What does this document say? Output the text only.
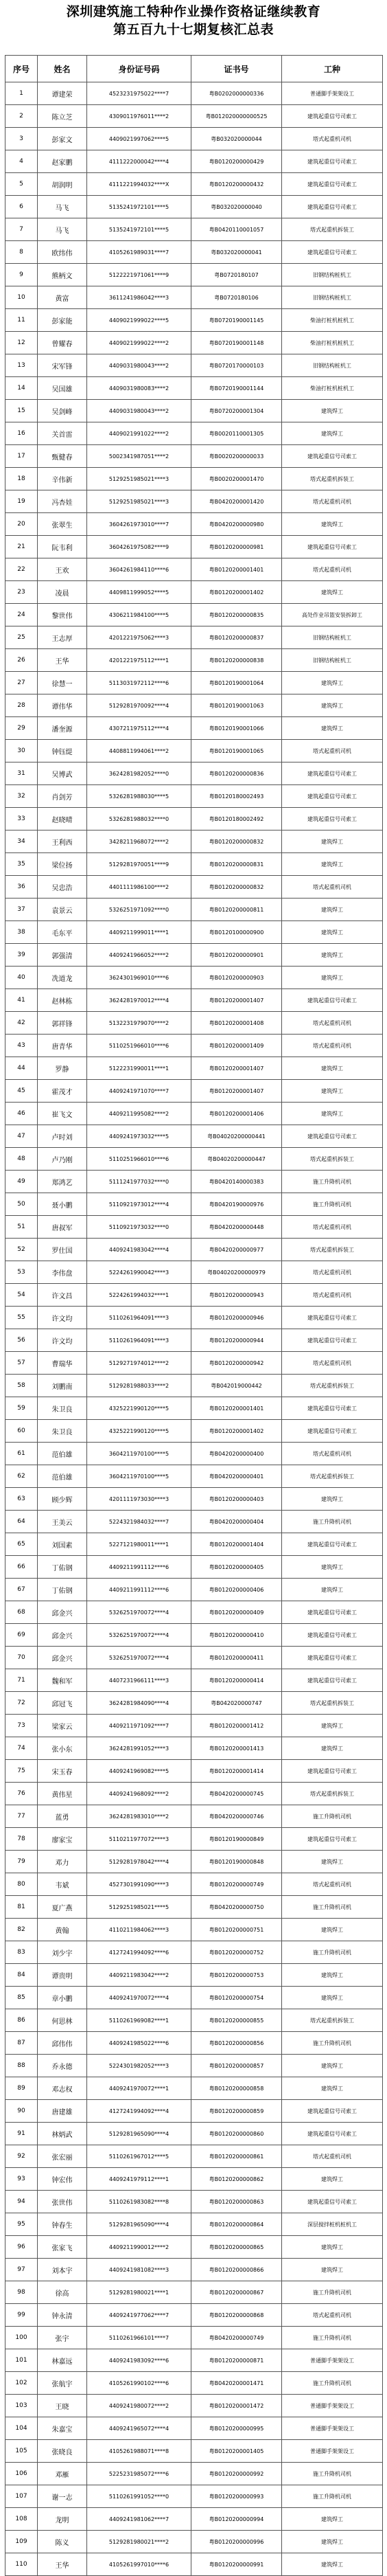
深圳建筑施工特种作业操作资格证继续教育
第五百九十七期复核汇总表
序号	姓名	身份证号码	证书号	工种
1	谭建荣	4523231975022****7	粤B0202000000336	普通脚手架架设工
2	陈立芝	4309011976011****2	粤B012020000000525	建筑起重信号司索工
3	彭家文	4409021997062****5	粤B032020000044	塔式起重机司机
4	赵家鹏	4111222000042****4	粤B0120200000429	建筑起重信号司索工
5	胡润明	4111221994032****X	粤B0120200000432	建筑起重信号司索工
6	马飞	5135241972101****5	粤B032020000040	建筑起重信号司索工
7	马飞	5135241972101****5	粤B0420110001057	塔式起重机拆装工
8	欧纬伟	4105261989031****7	粤B032020000041	建筑起重信号司索工
9	熊柄文	5122221971061****9	粤B0720180107	旧钢结构桩机工
10	黄富	3611241986042****3	粤B0720180106	旧钢结构桩机工
11	彭家能	4409021999022****5	粤B0720190001145	柴油打桩机桩机工
12	曾耀春	4409021999022****2	粤B0720190001148	柴油打桩机桩机工
13	宋军锋	4409031980043****2	粤B0720170000103	旧钢结构桩机工
14	吴国雄	4409031980083****2	粤B0720190001144	柴油打桩机桩机工
15	吴剑峰	4409031980043****2	粤B0720200001304	建筑焊工
16	关首雷	4409021991022****2	粤B0020110001305	建筑焊工
17	甄健春	5002341987051****2	粤B0020200000033	建筑起重信号司索工
18	辛伟新	5129251985021****3	粤B0020200001470	塔式起重机拆装工
19	冯杏娃	5129251985021****3	粤B0420200001420	塔式起重机司机
20	张翠生	3604261973010****7	粤B0420200000980	建筑焊工
21	阮韦利	3604261975082****9	粤B0120200000981	建筑起重信号司索工
22	王欢	3604261984110****6	粤B0120200001401	塔式起重机司机
23	凌晨	4409811999052****5	粤B0120200001402	建筑焊工
24	黎世伟	4306211984100****5	粤B0120200000835	高处作业吊篮安装拆卸工
25	王志厚	4201221975062****3	粤B0120200000837	旧钢结构桩机工
26	王华	4201221975112****1	粤B0120200000838	旧钢结构桩机工
27	徐慧一	5113031972112****6	粤B0120190001064	建筑焊工
28	谭伟华	5129281970092****4	粤B0120190001063	建筑焊工
29	潘奎源	4307211975112****4	粤B0120190001066	建筑焊工
30	钟钰缇	4408811994061****2	粤B0120190001065	塔式起重机司机
31	吴博武	3624281982052****0	粤B0120200000836	建筑起重信号司索工
32	肖剑芳	5326281988030****5	粤B0120180002493	建筑起重信号司索工
33	赵晓晴	5326281988032****0	粤B0120180002492	建筑起重信号司索工
34	王利西	3428211968072****2	粤B0120200000832	建筑焊工
35	梁位扬	5129281970051****9	粤B0120200000831	建筑焊工
36	吴忠浩	4401111986100****2	粤B0120200000832	塔式起重机司机
37	袁景云	5326251971092****0	粤B0120200000811	建筑焊工
38	毛东平	4409211999011****1	粤B0120100000900	建筑焊工
39	郭强清	4409241966052****2	粤B0120200000901	建筑焊工
40	冼道龙	3624301969010****6	粤B0120200000903	建筑焊工
41	赵林栋	3624281970012****4	粤B0120200001407	建筑起重信号司索工
42	郭祥锋	5132231979070****2	粤B0120200001408	塔式起重机司机
43	唐青华	5110251966010****6	粤B0120200001409	塔式起重机司机
44	罗静	5122231990011****1	粤B0120200001407	建筑焊工
45	霍茂才	4409241971070****7	粤B0120200001407	建筑焊工
46	崔飞文	4409211995082****2	粤B0120200001406	建筑焊工
47	卢时刘	4409241973032****5	粤B04020200000441	建筑起重信号司索工
48	卢乃刚	5110251966010****6	粤B04020200000447	塔式起重机拆装工
49	郑鸿艺	5111241977032****0	粤B0420140000383	施工升降机司机
50	聂小鹏	5110921973012****4	粤B0420190000976	施工升降机司机
51	唐叔军	5110921973032****0	粤B0420200000448	塔式起重机司机
52	罗仕国	4409241983042****4	粤B0420200000977	塔式起重机拆装工
53	李伟盘	5224261990042****3	粤B04020200000979	塔式起重机司机
54	许文昌	5224261994032****1	粤B0120200000943	塔式起重机司机
55	许文均	5110261964091****3	粤B0120200000946	建筑起重信号司索工
56	许文均	5110261964091****3	粤B0120200000944	建筑起重信号司索工
57	曹瑞华	5129271974012****2	粤B0120200000942	塔式起重机司机
58	刘鹏南	5129281988033****2	粤B042019000442	塔式起重机拆装工
59	朱卫良	4325221990120****5	粤B0120200001401	建筑起重信号司索工
60	朱卫良	4325221990120****5	粤B0120200001402	建筑起重信号司索工
61	范伯雄	3604211970100****5	粤B0420200000400	塔式起重机司机
62	范伯雄	3604211970100****5	粤B0420200000401	塔式起重机拆装工
63	顾少辉	4201111973030****3	粤B0120200000403	建筑焊工
64	王美云	5224321984032****7	粤B0420200000404	施工升降机司机
65	刘国素	5227121980011****1	粤B0120200001404	建筑起重信号司索工
66	丁佑钢	4409211991112****6	粤B0120200000405	建筑焊工
67	丁佑钢	4409211991112****6	粤B0120200000406	建筑焊工
68	邱金兴	5326251970072****4	粤B0120200000409	建筑起重信号司索工
69	邱金兴	5326251970072****4	粤B0120200000410	建筑起重信号司索工
70	邱金兴	5326251970072****4	粤B0120200000411	建筑起重信号司索工
71	魏和军	4407231966111****3	粤B0120200000414	建筑起重信号司索工
72	邱冠飞	3624281984090****4	粤B042020000747	塔式起重机拆装工
73	梁家云	4409211971092****7	粤B0120200001412	建筑焊工
74	张小东	3624281991052****3	粤B0120200001413	建筑焊工
75	宋玉春	4409241969082****5	粤B0120200001414	建筑起重信号司索工
76	黄伟星	4409241968092****2	粤B0420200000745	塔式起重机拆装工
77	蓝勇	3624281983010****2	粤B0420200000746	施工升降机司机
78	廖家宝	5110211977072****3	粤B0120190000849	建筑起重信号司索工
79	邓力	5129281978042****4	粤B0120190000848	建筑焊工
80	韦斌	4527301991090****3	粤B0120200000749	塔式起重机司机
81	夏广燕	5129251985021****5	粤B0420200000750	施工升降机司机
82	黄翰	4110211984062****3	粤B0120200000751	建筑焊工
83	刘少宇	4127241994092****6	粤B0120200000752	施工升降机司机
84	谭贵明	4409211983042****2	粤B0120200000753	建筑焊工
85	章小鹏	4409241970072****4	粤B0120200000754	建筑焊工
86	何思林	5110261969082****1	粤B0120200000855	塔式起重机拆装工
87	邱伟伟	4409241985022****6	粤B0120200000856	施工升降机司机
88	乔永德	5224301982052****3	粤B0120200000857	建筑焊工
89	邓志权	4409241970072****1	粤B0120200000858	建筑焊工
90	唐建雄	4127241994092****4	粤B0120200000859	建筑起重信号司索工
91	林炳武	5129281965090****4	粤B0120200000860	建筑起重信号司索工
92	张宏丽	5110261967012****5	粤B0120200000861	塔式起重机司机
93	钟宏伟	4409241979112****1	粤B0120200000862	建筑焊工
94	张世伟	5110261983082****8	粤B0120200000863	建筑起重信号司索工
95	钟春生	5129281965090****4	粤B0120200000864	深层搅拌桩机桩机工
96	张家飞	4409211990012****2	粤B0120200000865	建筑焊工
97	刘本宇	4409241981082****3	粤B0120200000866	建筑焊工
98	徐高	5129281980021****1	粤B0120200000867	施工升降机司机
99	钟永清	4409241977062****7	粤B0120200000868	塔式起重机司机
100	张宇	5110261966101****7	粤B0420200000749	施工升降机司机
101	林嘉远	4409241983092****6	粤B0120200000871	普通脚手架架设工
102	张航宇	4105261990102****6	粤B0420200001471	施工升降机司机
103	王晓	4409241980072****2	粤B0120200001472	普通脚手架架设工
104	朱嘉宝	4409241965072****4	粤B0120200000995	普通脚手架架设工
105	张晓良	4105261988071****8	粤B0120200001405	普通脚手架架设工
106	邓雁	5225231985072****6	粤B0120200000992	施工升降机司机
107	谢一志	5110261991052****0	粤B0120200000993	施工升降机司机
108	龙明	4409241981062****7	粤B0120200000994	建筑焊工
109	陈义	5129281980021****2	粤B0120200000996	建筑焊工
110	王华	4105261997010****6	粤B0120200000991	建筑焊工
